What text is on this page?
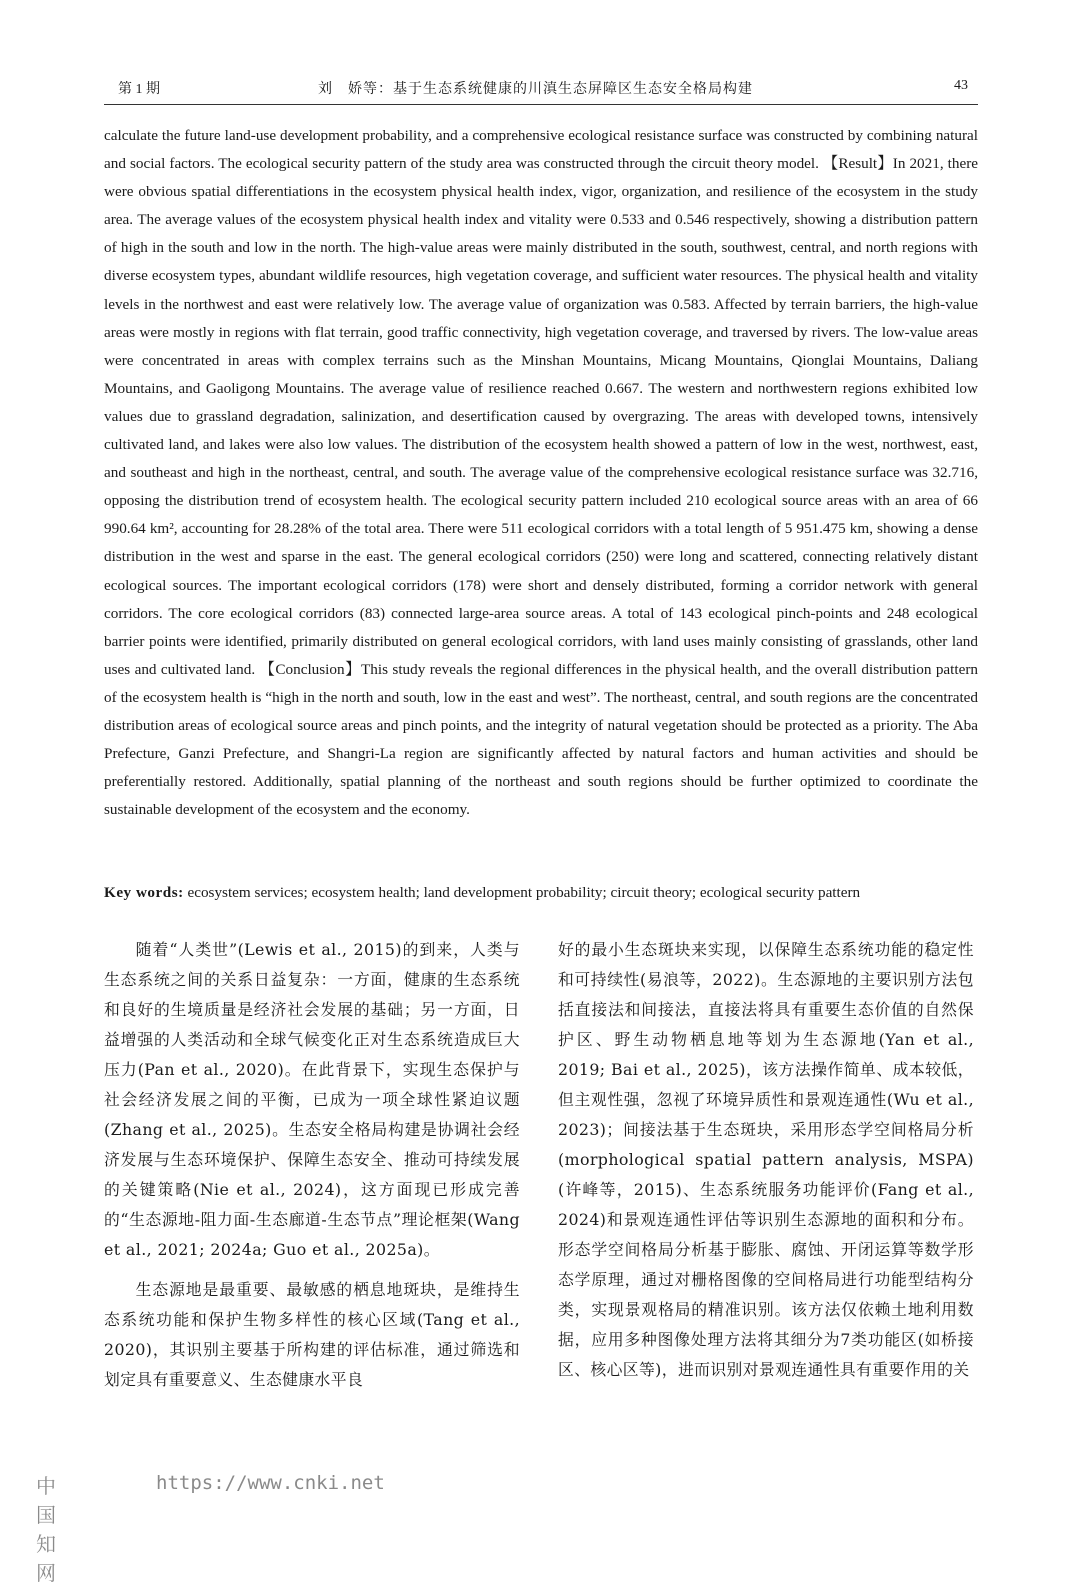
第 1 期	刘　娇等：基于生态系统健康的川滇生态屏障区生态安全格局构建	43

calculate the future land-use development probability, and a comprehensive ecological resistance surface was constructed by combining natural and social factors. The ecological security pattern of the study area was constructed through the circuit theory model. 【Result】In 2021, there were obvious spatial differentiations in the ecosystem physical health index, vigor, organization, and resilience of the ecosystem in the study area. The average values of the ecosystem physical health index and vitality were 0.533 and 0.546 respectively, showing a distribution pattern of high in the south and low in the north. The high-value areas were mainly distributed in the south, southwest, central, and north regions with diverse ecosystem types, abundant wildlife resources, high vegetation coverage, and sufficient water resources. The physical health and vitality levels in the northwest and east were relatively low. The average value of organization was 0.583. Affected by terrain barriers, the high-value areas were mostly in regions with flat terrain, good traffic connectivity, high vegetation coverage, and traversed by rivers. The low-value areas were concentrated in areas with complex terrains such as the Minshan Mountains, Micang Mountains, Qionglai Mountains, Daliang Mountains, and Gaoligong Mountains. The average value of resilience reached 0.667. The western and northwestern regions exhibited low values due to grassland degradation, salinization, and desertification caused by overgrazing. The areas with developed towns, intensively cultivated land, and lakes were also low values. The distribution of the ecosystem health showed a pattern of low in the west, northwest, east, and southeast and high in the northeast, central, and south. The average value of the comprehensive ecological resistance surface was 32.716, opposing the distribution trend of ecosystem health. The ecological security pattern included 210 ecological source areas with an area of 66 990.64 km², accounting for 28.28% of the total area. There were 511 ecological corridors with a total length of 5 951.475 km, showing a dense distribution in the west and sparse in the east. The general ecological corridors (250) were long and scattered, connecting relatively distant ecological sources. The important ecological corridors (178) were short and densely distributed, forming a corridor network with general corridors. The core ecological corridors (83) connected large-area source areas. A total of 143 ecological pinch-points and 248 ecological barrier points were identified, primarily distributed on general ecological corridors, with land uses mainly consisting of grasslands, other land uses and cultivated land. 【Conclusion】This study reveals the regional differences in the physical health, and the overall distribution pattern of the ecosystem health is “high in the north and south, low in the east and west”. The northeast, central, and south regions are the concentrated distribution areas of ecological source areas and pinch points, and the integrity of natural vegetation should be protected as a priority. The Aba Prefecture, Ganzi Prefecture, and Shangri-La region are significantly affected by natural factors and human activities and should be preferentially restored. Additionally, spatial planning of the northeast and south regions should be further optimized to coordinate the sustainable development of the ecosystem and the economy.

Key words: ecosystem services; ecosystem health; land development probability; circuit theory; ecological security pattern

随着“人类世”(Lewis et al., 2015)的到来，人类与生态系统之间的关系日益复杂：一方面，健康的生态系统和良好的生境质量是经济社会发展的基础；另一方面，日益增强的人类活动和全球气候变化正对生态系统造成巨大压力(Pan et al., 2020)。在此背景下，实现生态保护与社会经济发展之间的平衡，已成为一项全球性紧迫议题(Zhang et al., 2025)。生态安全格局构建是协调社会经济发展与生态环境保护、保障生态安全、推动可持续发展的关键策略(Nie et al., 2024)，这方面现已形成完善的“生态源地-阻力面-生态廊道-生态节点”理论框架(Wang et al., 2021; 2024a; Guo et al., 2025a)。

生态源地是最重要、最敏感的栖息地斑块，是维持生态系统功能和保护生物多样性的核心区域(Tang et al., 2020)，其识别主要基于所构建的评估标准，通过筛选和划定具有重要意义、生态健康水平良

好的最小生态斑块来实现，以保障生态系统功能的稳定性和可持续性(易浪等，2022)。生态源地的主要识别方法包括直接法和间接法，直接法将具有重要生态价值的自然保护区、野生动物栖息地等划为生态源地(Yan et al., 2019; Bai et al., 2025)，该方法操作简单、成本较低，但主观性强，忽视了环境异质性和景观连通性(Wu et al., 2023)；间接法基于生态斑块，采用形态学空间格局分析(morphological spatial pattern analysis, MSPA)(许峰等，2015)、生态系统服务功能评价(Fang et al., 2024)和景观连通性评估等识别生态源地的面积和分布。形态学空间格局分析基于膨胀、腐蚀、开闭运算等数学形态学原理，通过对栅格图像的空间格局进行功能型结构分类，实现景观格局的精准识别。该方法仅依赖土地利用数据，应用多种图像处理方法将其细分为7类功能区(如桥接区、核心区等)，进而识别对景观连通性具有重要作用的关

中国知网
https://www.cnki.net
